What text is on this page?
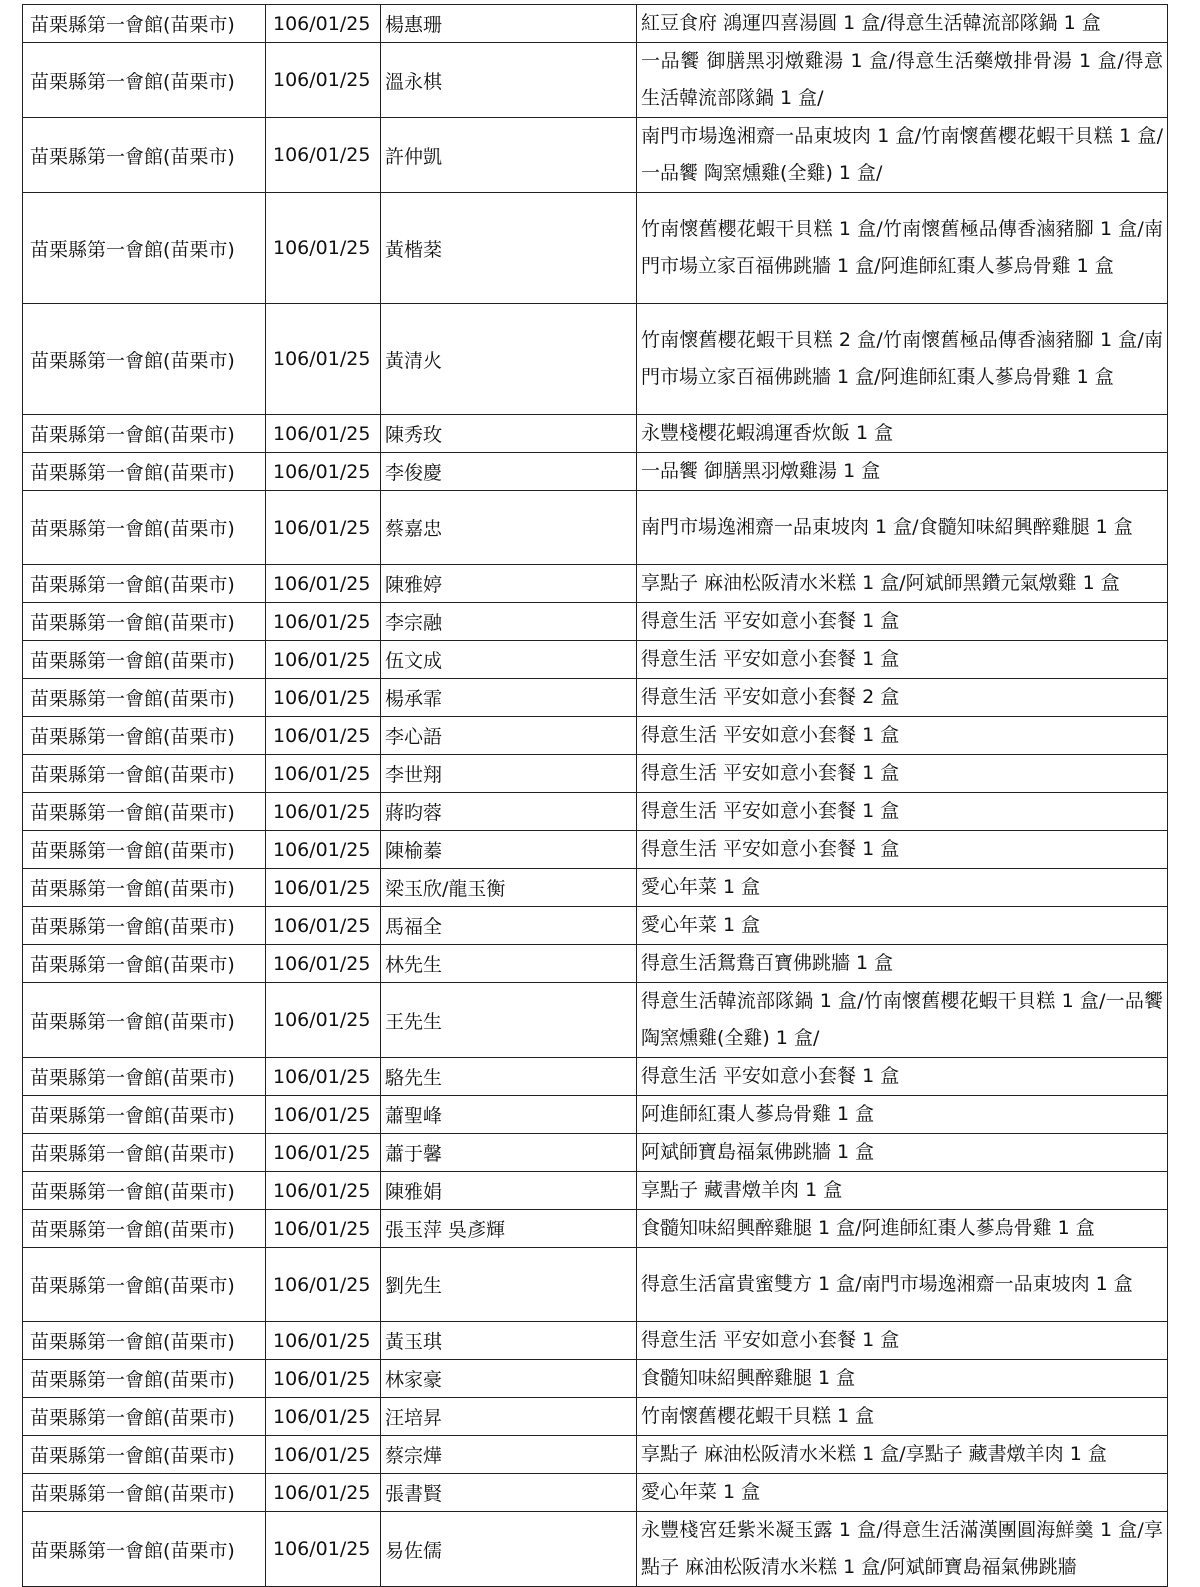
苗栗縣第一會館(苗栗市)	106/01/25	楊惠珊	紅豆食府 鴻運四喜湯圓 1 盒/得意生活韓流部隊鍋 1 盒
苗栗縣第一會館(苗栗市)	106/01/25	溫永棋	一品饗 御膳黑羽燉雞湯 1 盒/得意生活藥燉排骨湯 1 盒/得意生活韓流部隊鍋 1 盒/
苗栗縣第一會館(苗栗市)	106/01/25	許仲凱	南門市場逸湘齋一品東坡肉 1 盒/竹南懷舊櫻花蝦干貝糕 1 盒/一品饗 陶窯燻雞(全雞) 1 盒/
苗栗縣第一會館(苗栗市)	106/01/25	黃楷棻	竹南懷舊櫻花蝦干貝糕 1 盒/竹南懷舊極品傳香滷豬腳 1 盒/南門市場立家百福佛跳牆 1 盒/阿進師紅棗人蔘烏骨雞 1 盒
苗栗縣第一會館(苗栗市)	106/01/25	黃清火	竹南懷舊櫻花蝦干貝糕 2 盒/竹南懷舊極品傳香滷豬腳 1 盒/南門市場立家百福佛跳牆 1 盒/阿進師紅棗人蔘烏骨雞 1 盒
苗栗縣第一會館(苗栗市)	106/01/25	陳秀玫	永豐棧櫻花蝦鴻運香炊飯 1 盒
苗栗縣第一會館(苗栗市)	106/01/25	李俊慶	一品饗 御膳黑羽燉雞湯 1 盒
苗栗縣第一會館(苗栗市)	106/01/25	蔡嘉忠	南門市場逸湘齋一品東坡肉 1 盒/食髓知味紹興醉雞腿 1 盒
苗栗縣第一會館(苗栗市)	106/01/25	陳雅婷	享點子 麻油松阪清水米糕 1 盒/阿斌師黑鑽元氣燉雞 1 盒
苗栗縣第一會館(苗栗市)	106/01/25	李宗融	得意生活 平安如意小套餐 1 盒
苗栗縣第一會館(苗栗市)	106/01/25	伍文成	得意生活 平安如意小套餐 1 盒
苗栗縣第一會館(苗栗市)	106/01/25	楊承霏	得意生活 平安如意小套餐 2 盒
苗栗縣第一會館(苗栗市)	106/01/25	李心語	得意生活 平安如意小套餐 1 盒
苗栗縣第一會館(苗栗市)	106/01/25	李世翔	得意生活 平安如意小套餐 1 盒
苗栗縣第一會館(苗栗市)	106/01/25	蔣昀蓉	得意生活 平安如意小套餐 1 盒
苗栗縣第一會館(苗栗市)	106/01/25	陳榆蓁	得意生活 平安如意小套餐 1 盒
苗栗縣第一會館(苗栗市)	106/01/25	梁玉欣/龍玉衡	愛心年菜 1 盒
苗栗縣第一會館(苗栗市)	106/01/25	馬福全	愛心年菜 1 盒
苗栗縣第一會館(苗栗市)	106/01/25	林先生	得意生活鴛鴦百寶佛跳牆 1 盒
苗栗縣第一會館(苗栗市)	106/01/25	王先生	得意生活韓流部隊鍋 1 盒/竹南懷舊櫻花蝦干貝糕 1 盒/一品饗 陶窯燻雞(全雞) 1 盒/
苗栗縣第一會館(苗栗市)	106/01/25	駱先生	得意生活 平安如意小套餐 1 盒
苗栗縣第一會館(苗栗市)	106/01/25	蕭聖峰	阿進師紅棗人蔘烏骨雞 1 盒
苗栗縣第一會館(苗栗市)	106/01/25	蕭于馨	阿斌師寶島福氣佛跳牆 1 盒
苗栗縣第一會館(苗栗市)	106/01/25	陳雅娟	享點子 藏書燉羊肉 1 盒
苗栗縣第一會館(苗栗市)	106/01/25	張玉萍 吳彥輝	食髓知味紹興醉雞腿 1 盒/阿進師紅棗人蔘烏骨雞 1 盒
苗栗縣第一會館(苗栗市)	106/01/25	劉先生	得意生活富貴蜜雙方 1 盒/南門市場逸湘齋一品東坡肉 1 盒
苗栗縣第一會館(苗栗市)	106/01/25	黃玉琪	得意生活 平安如意小套餐 1 盒
苗栗縣第一會館(苗栗市)	106/01/25	林家豪	食髓知味紹興醉雞腿 1 盒
苗栗縣第一會館(苗栗市)	106/01/25	汪培昇	竹南懷舊櫻花蝦干貝糕 1 盒
苗栗縣第一會館(苗栗市)	106/01/25	蔡宗燁	享點子 麻油松阪清水米糕 1 盒/享點子 藏書燉羊肉 1 盒
苗栗縣第一會館(苗栗市)	106/01/25	張書賢	愛心年菜 1 盒
苗栗縣第一會館(苗栗市)	106/01/25	易佐儒	永豐棧宮廷紫米凝玉露 1 盒/得意生活滿漢團圓海鮮羹 1 盒/享點子 麻油松阪清水米糕 1 盒/阿斌師寶島福氣佛跳牆
